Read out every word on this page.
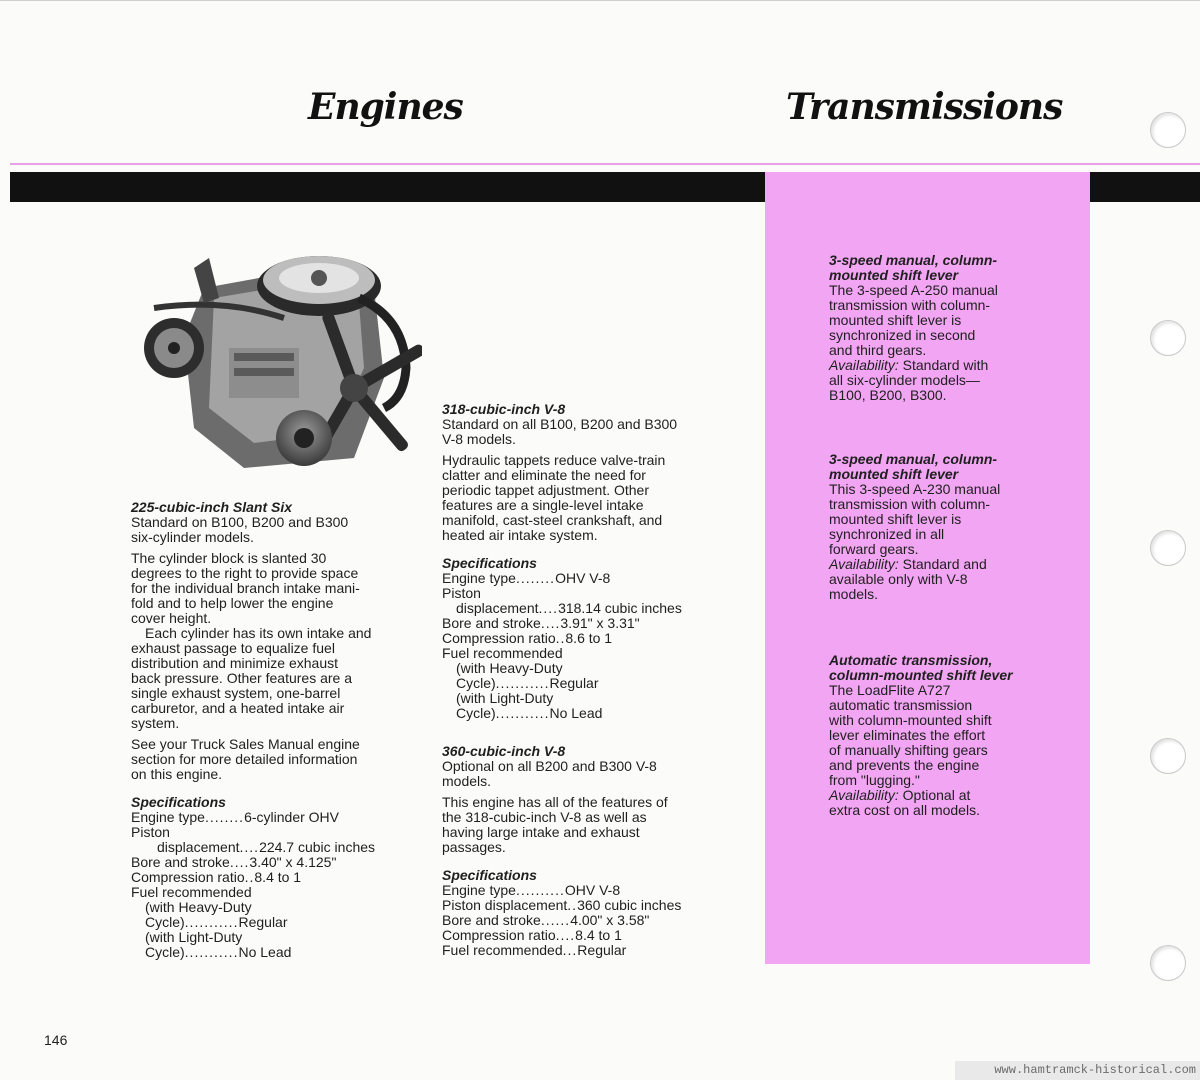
Engines	Transmissions

225-cubic-inch Slant Six

Standard on B100, B200 and B300

six-cylinder models.

The cylinder block is slanted 30

degrees to the right to provide space

for the individual branch intake mani-

fold and to help lower the engine

cover height.

Each cylinder has its own intake and

exhaust passage to equalize fuel

distribution and minimize exhaust

back pressure. Other features are a

single exhaust system, one-barrel

carburetor, and a heated intake air

system.

See your Truck Sales Manual engine

section for more detailed information

on this engine.

Specifications

Engine type ........ 6-cylinder OHV
Piston
displacement .... 224.7 cubic inches
Bore and stroke .... 3.40" x 4.125"
Compression ratio .. 8.4 to 1
Fuel recommended
(with Heavy-Duty
Cycle) ........... Regular
(with Light-Duty
Cycle) ........... No Lead

318-cubic-inch V-8

Standard on all B100, B200 and B300

V-8 models.

Hydraulic tappets reduce valve-train

clatter and eliminate the need for

periodic tappet adjustment. Other

features are a single-level intake

manifold, cast-steel crankshaft, and

heated air intake system.

Specifications

Engine type ........ OHV V-8
Piston
displacement .... 318.14 cubic inches
Bore and stroke .... 3.91" x 3.31"
Compression ratio .. 8.6 to 1
Fuel recommended
(with Heavy-Duty
Cycle) ........... Regular
(with Light-Duty
Cycle) ........... No Lead

360-cubic-inch V-8

Optional on all B200 and B300 V-8

models.

This engine has all of the features of

the 318-cubic-inch V-8 as well as

having large intake and exhaust

passages.

Specifications

Engine type .......... OHV V-8
Piston displacement .. 360 cubic inches
Bore and stroke ...... 4.00" x 3.58"
Compression ratio .... 8.4 to 1
Fuel recommended ... Regular

3-speed manual, column-

mounted shift lever

The 3-speed A-250 manual

transmission with column-

mounted shift lever is

synchronized in second

and third gears.

Availability: Standard with

all six-cylinder models—

B100, B200, B300.

3-speed manual, column-

mounted shift lever

This 3-speed A-230 manual

transmission with column-

mounted shift lever is

synchronized in all

forward gears.

Availability: Standard and

available only with V-8

models.

Automatic transmission,

column-mounted shift lever

The LoadFlite A727

automatic transmission

with column-mounted shift

lever eliminates the effort

of manually shifting gears

and prevents the engine

from "lugging."

Availability: Optional at

extra cost on all models.

146
www.hamtramck-historical.com
